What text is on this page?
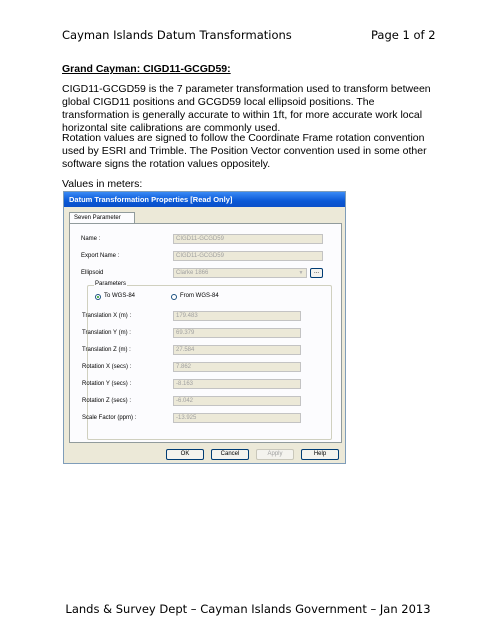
Cayman Islands Datum Transformations	Page 1 of 2
Grand Cayman: CIGD11-GCGD59:
CIGD11-GCGD59 is the 7 parameter transformation used to transform between global CIGD11 positions and GCGD59 local ellipsoid positions. The transformation is generally accurate to within 1ft, for more accurate work local horizontal site calibrations are commonly used.
Rotation values are signed to follow the Coordinate Frame rotation convention used by ESRI and Trimble. The Position Vector convention used in some other software signs the rotation values oppositely.
Values in meters:
Datum Transformation Properties [Read Only]
Seven Parameter
Name :	CIGD11-GCGD59
Export Name :	CIGD11-GCGD59
Ellipsoid	Clarke 1866	▼	...
Parameters
To WGS-84	From WGS-84
Translation X (m) :	179.483
Translation Y (m) :	69.379
Translation Z (m) :	27.584
Rotation X (secs) :	7.862
Rotation Y (secs) :	-8.163
Rotation Z (secs) :	-6.042
Scale Factor (ppm) :	-13.925
OK	Cancel	Apply	Help
Lands & Survey Dept – Cayman Islands Government – Jan 2013
